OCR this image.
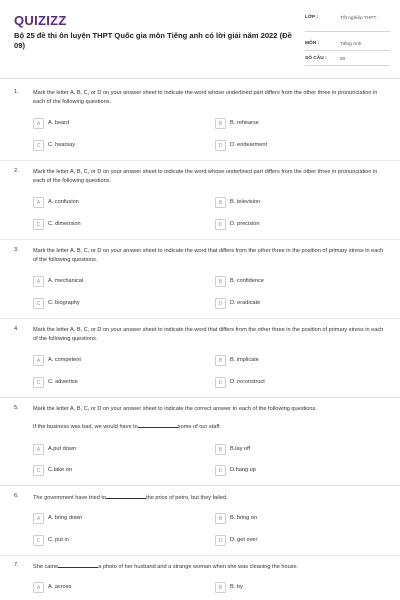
QUIZIZZ
Bộ 25 đề thi ôn luyện THPT Quốc gia môn Tiếng anh có lời giải năm 2022 (Đề 09)
LỚP :	Tốt nghiệp THPT
MÔN :	Tiếng Anh
SỐ CÂU :	50
1.	Mark the letter A, B, C, or D on your answer sheet to indicate the word whose underlined part differs from the other three in pronunciation in each of the following questions.
A	A. beard	B	B. rehearse
C	C. hearsay	D	D. endearment
2.	Mark the letter A, B, C, or D on your answer sheet to indicate the word whose underlined part differs from the other three in pronunciation in each of the following questions.
A	A. confusion	B	B. television
C	C. dimension	D	D. precision
3.	Mark the letter A, B, C, or D on your answer sheet to indicate the word that differs from the other three in the position of primary stress in each of the following questions.
A	A. mechanical	B	B. confidence
C	C. biography	D	D. eradicate
4.	Mark the letter A, B, C, or D on your answer sheet to indicate the word that differs from the other three in the position of primary stress in each of the following questions.
A	A. competent	B	B. implicate
C	C. advertise	D	D. reconstruct
5.	Mark the letter A, B, C, or D on your answer sheet to indicate the correct answer to each of the following questions.
If the business was bad, we would have to	some of our staff.
A	A.put down	B	B.lay off
C	C.take on	D	D.hang up
6.	The government have tried to	the price of petro, but they failed.
A	A. bring down	B	B. bring on
C	C. put in	D	D. get over
7.	She came	a photo of her husband and a strange woman when she was cleaning the house.
A	A. across	B	B. by
